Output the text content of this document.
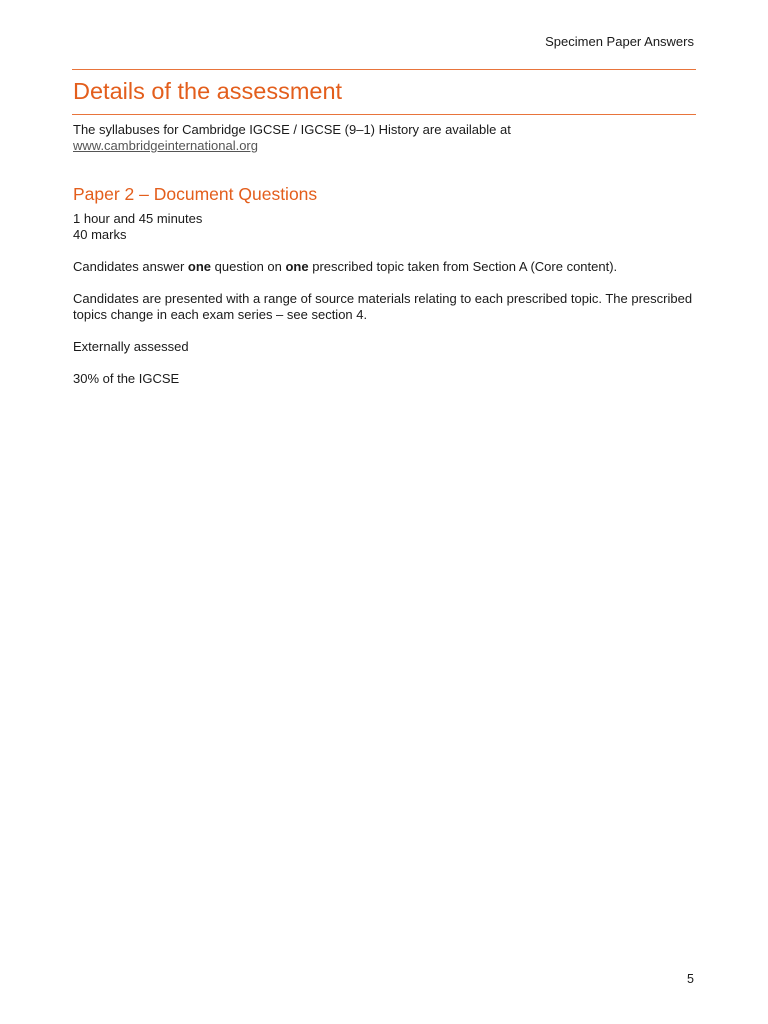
Specimen Paper Answers
Details of the assessment

The syllabuses for Cambridge IGCSE / IGCSE (9–1) History are available at
www.cambridgeinternational.org

Paper 2 – Document Questions

1 hour and 45 minutes
40 marks

Candidates answer one question on one prescribed topic taken from Section A (Core content).

Candidates are presented with a range of source materials relating to each prescribed topic. The prescribed topics change in each exam series – see section 4.

Externally assessed

30% of the IGCSE

5
